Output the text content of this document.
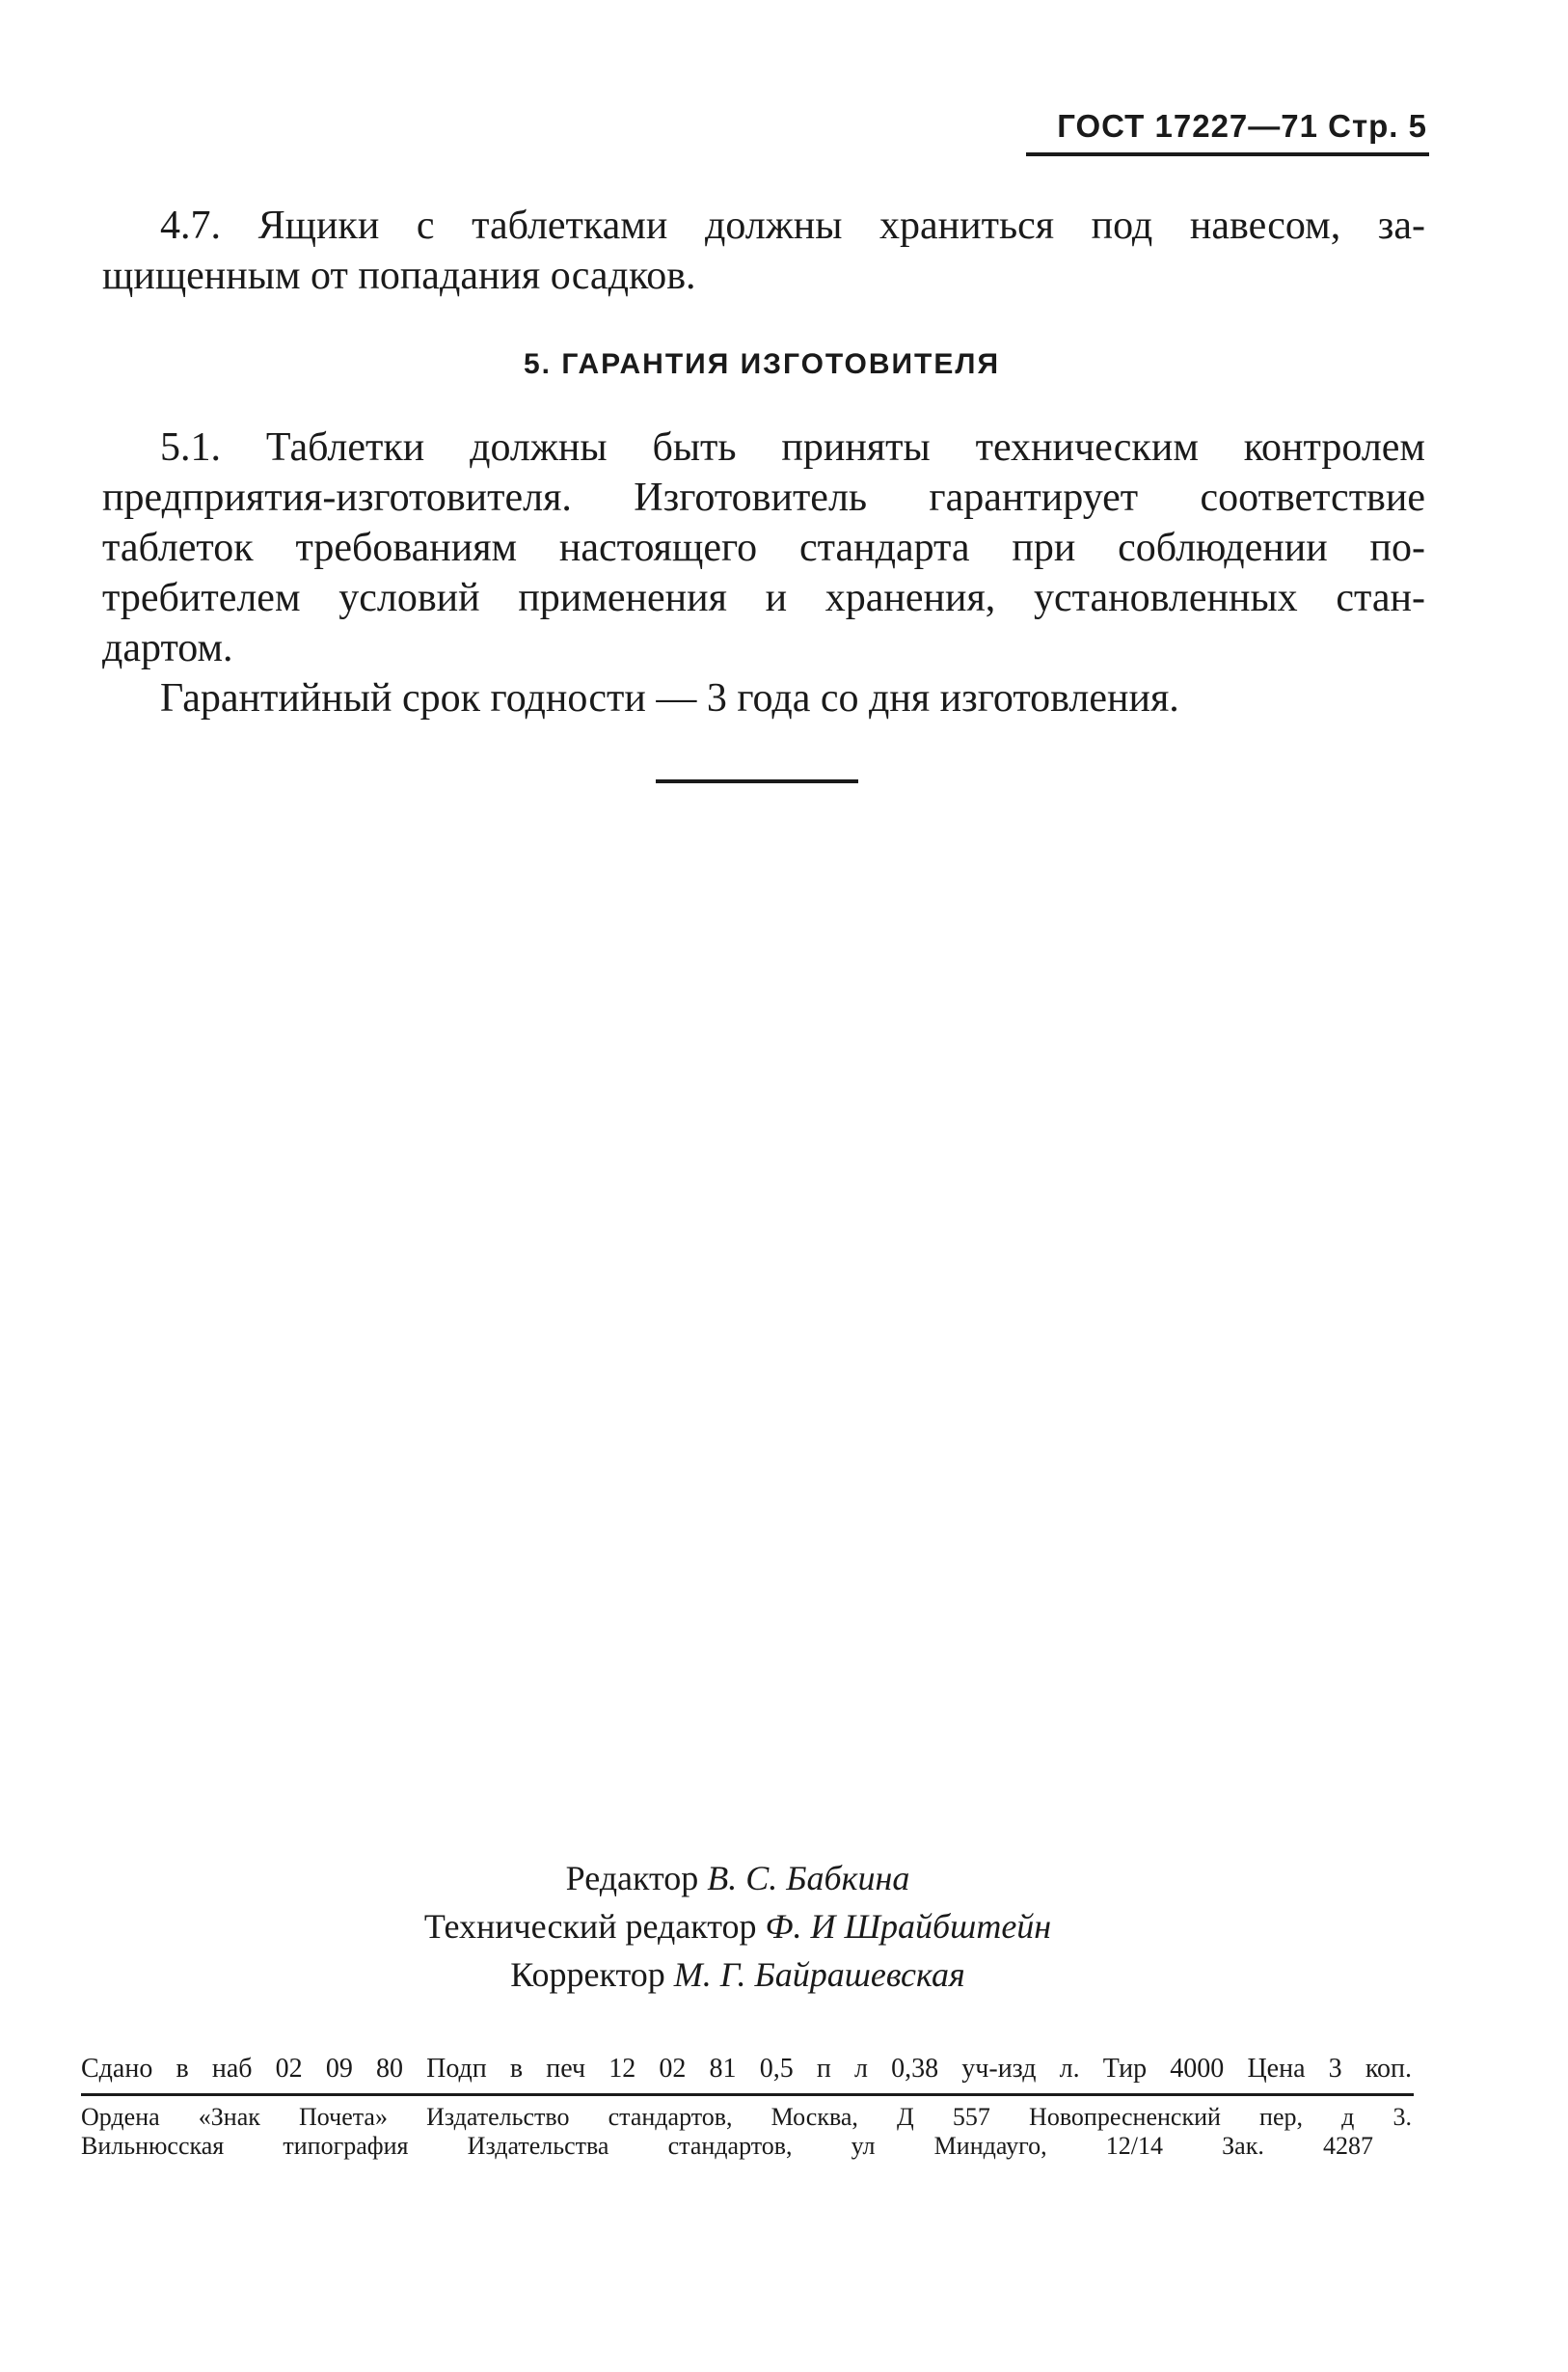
ГОСТ 17227—71 Стр. 5
4.7. Ящики с таблетками должны храниться под навесом, за-
щищенным от попадания осадков.
5. ГАРАНТИЯ ИЗГОТОВИТЕЛЯ
5.1. Таблетки должны быть приняты техническим контролем
предприятия-изготовителя. Изготовитель гарантирует соответствие
таблеток требованиям настоящего стандарта при соблюдении по-
требителем условий применения и хранения, установленных стан-
дартом.
Гарантийный срок годности — 3 года со дня изготовления.
Редактор В. С. Бабкина
Технический редактор Ф. И Шрайбштейн
Корректор М. Г. Байрашевская
Сдано в наб 02 09 80 Подп в печ 12 02 81 0,5 п л 0,38 уч-изд л. Тир 4000 Цена 3 коп.
Ордена «Знак Почета» Издательство стандартов, Москва, Д 557 Новопресненский пер, д 3.
Вильнюсская типография Издательства стандартов, ул Миндауго, 12/14 Зак. 4287
